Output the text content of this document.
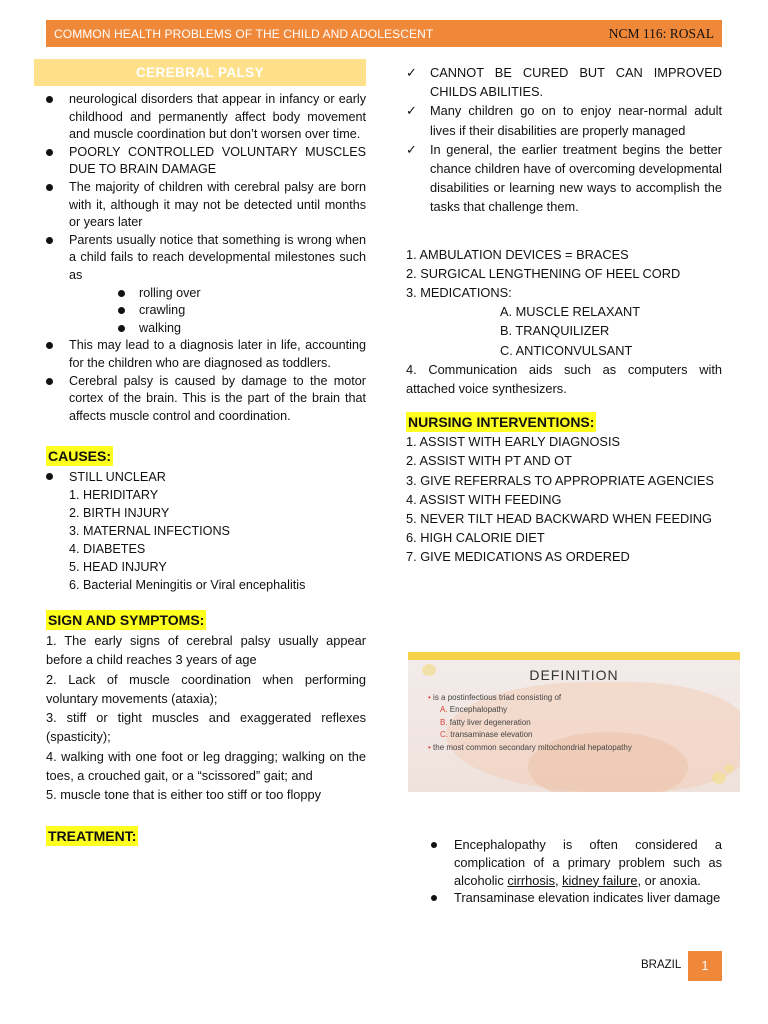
COMMON HEALTH PROBLEMS OF THE CHILD AND ADOLESCENT	NCM 116: ROSAL
CEREBRAL PALSY
neurological disorders that appear in infancy or early childhood and permanently affect body movement and muscle coordination but don’t worsen over time.
POORLY CONTROLLED VOLUNTARY MUSCLES DUE TO BRAIN DAMAGE
The majority of children with cerebral palsy are born with it, although it may not be detected until months or years later
Parents usually notice that something is wrong when a child fails to reach developmental milestones such as
rolling over
crawling
walking
This may lead to a diagnosis later in life, accounting for the children who are diagnosed as toddlers.
Cerebral palsy is caused by damage to the motor cortex of the brain. This is the part of the brain that affects muscle control and coordination.
CAUSES:
STILL UNCLEAR
1. HERIDITARY
2. BIRTH INJURY
3. MATERNAL INFECTIONS
4. DIABETES
5. HEAD INJURY
6. Bacterial Meningitis or Viral encephalitis
SIGN AND SYMPTOMS:

1. The early signs of cerebral palsy usually appear before a child reaches 3 years of age

2. Lack of muscle coordination when performing voluntary movements (ataxia);

3. stiff or tight muscles and exaggerated reflexes (spasticity);

4. walking with one foot or leg dragging; walking on the toes, a crouched gait, or a “scissored” gait; and

5. muscle tone that is either too stiff or too floppy

TREATMENT:
✓ CANNOT BE CURED BUT CAN IMPROVED CHILDS ABILITIES.
✓ Many children go on to enjoy near-normal adult lives if their disabilities are properly managed
✓ In general, the earlier treatment begins the better chance children have of overcoming developmental disabilities or learning new ways to accomplish the tasks that challenge them.
1. AMBULATION DEVICES = BRACES
2. SURGICAL LENGTHENING OF HEEL CORD
3. MEDICATIONS:
A. MUSCLE RELAXANT
B. TRANQUILIZER
C. ANTICONVULSANT
4. Communication aids such as computers with attached voice synthesizers.
NURSING INTERVENTIONS:
1. ASSIST WITH EARLY DIAGNOSIS
2. ASSIST WITH PT AND OT
3. GIVE REFERRALS TO APPROPRIATE AGENCIES
4. ASSIST WITH FEEDING
5. NEVER TILT HEAD BACKWARD WHEN FEEDING
6. HIGH CALORIE DIET
7. GIVE MEDICATIONS AS ORDERED
DEFINITION
• is a postinfectious triad consisting of
A. Encephalopathy
B. fatty liver degeneration
C. transaminase elevation
• the most common secondary mitochondrial hepatopathy
Encephalopathy is often considered a complication of a primary problem such as alcoholic cirrhosis, kidney failure, or anoxia.
Transaminase elevation indicates liver damage
BRAZIL	1
